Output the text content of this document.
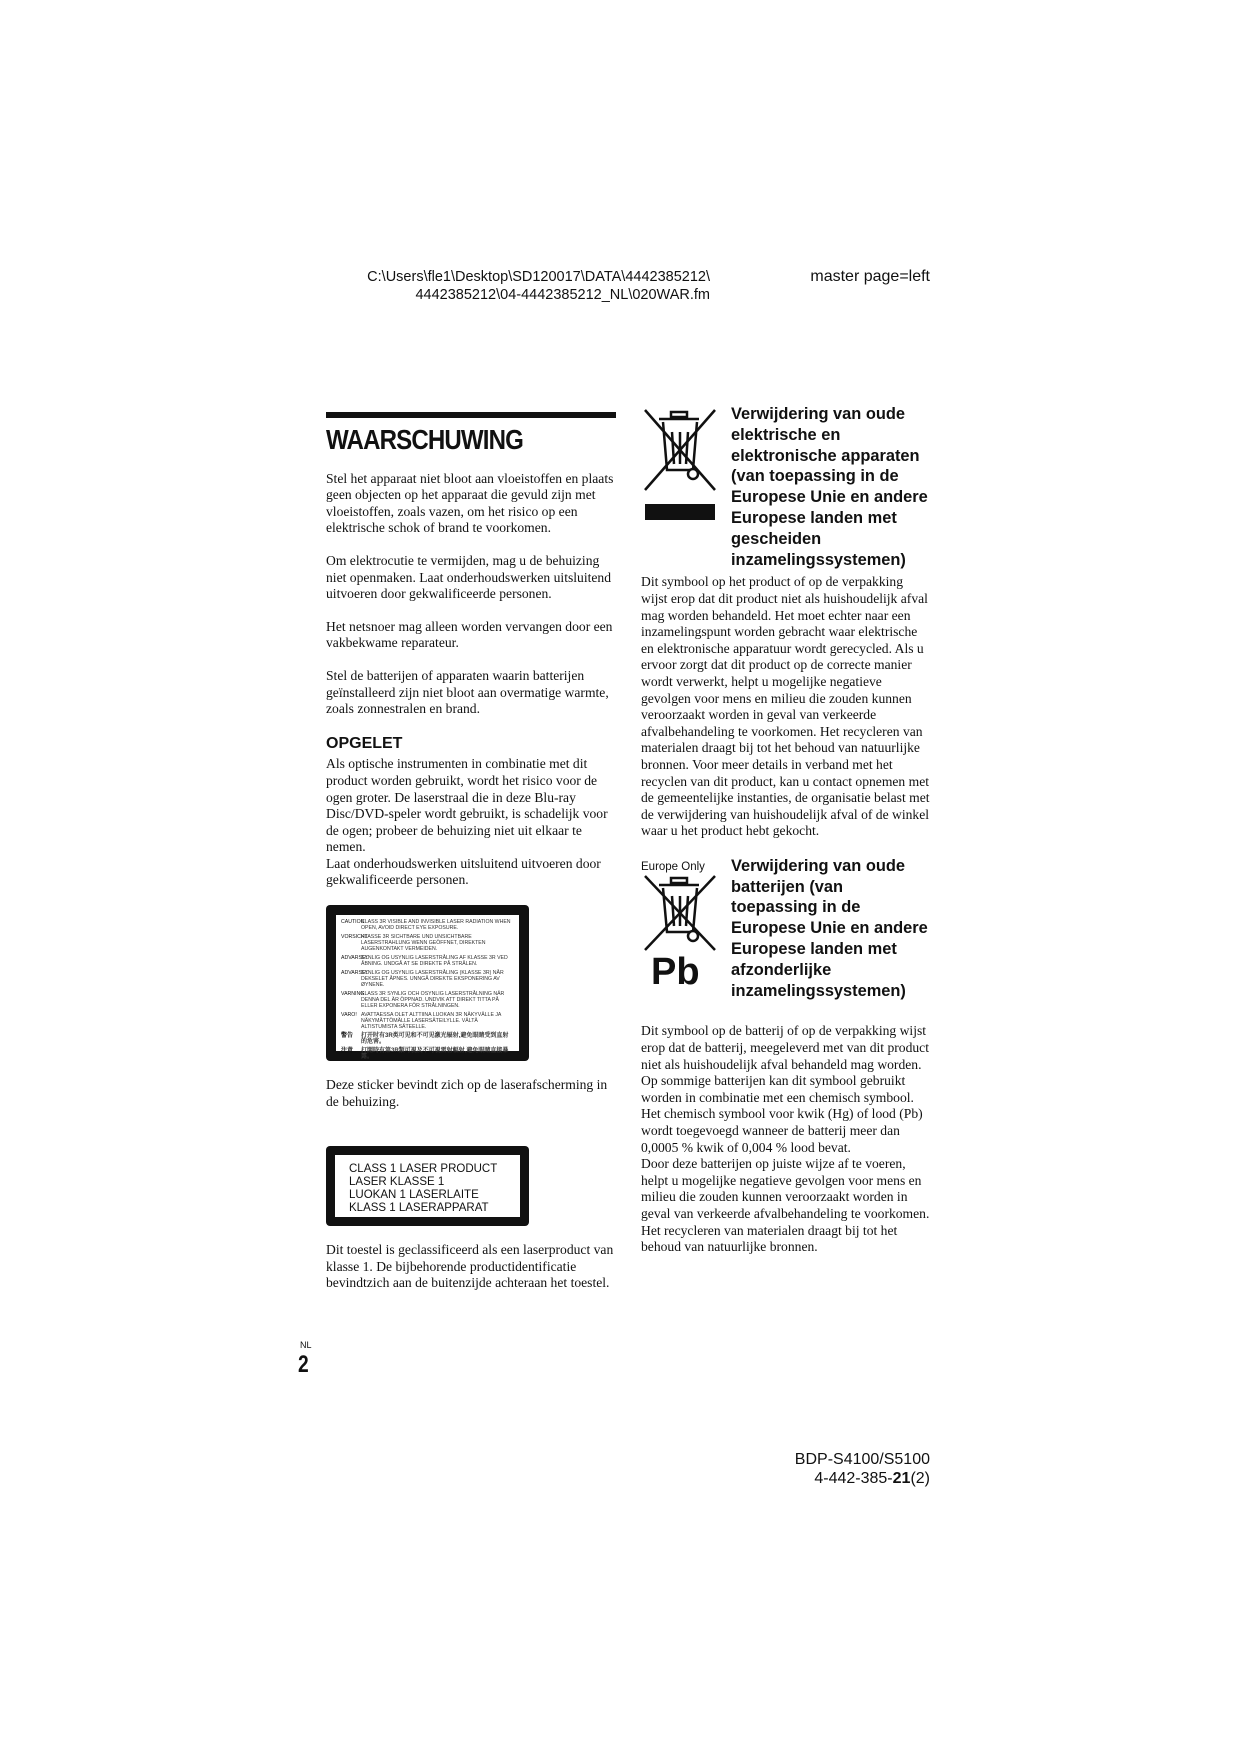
C:\Users\fle1\Desktop\SD120017\DATA\4442385212\
4442385212\04-4442385212_NL\020WAR.fm
master page=left
WAARSCHUWING

Stel het apparaat niet bloot aan vloeistoffen en plaats geen objecten op het apparaat die gevuld zijn met vloeistoffen, zoals vazen, om het risico op een elektrische schok of brand te voorkomen.

Om elektrocutie te vermijden, mag u de behuizing niet openmaken. Laat onderhoudswerken uitsluitend uitvoeren door gekwalificeerde personen.

Het netsnoer mag alleen worden vervangen door een vakbekwame reparateur.

Stel de batterijen of apparaten waarin batterijen geïnstalleerd zijn niet bloot aan overmatige warmte, zoals zonnestralen en brand.

OPGELET

Als optische instrumenten in combinatie met dit product worden gebruikt, wordt het risico voor de ogen groter. De laserstraal die in deze Blu-ray Disc/DVD-speler wordt gebruikt, is schadelijk voor de ogen; probeer de behuizing niet uit elkaar te nemen.

Laat onderhoudswerken uitsluitend uitvoeren door gekwalificeerde personen.

CAUTION
CLASS 3R VISIBLE AND INVISIBLE LASER RADIATION WHEN OPEN, AVOID DIRECT EYE EXPOSURE.
VORSICHT
KLASSE 3R SICHTBARE UND UNSICHTBARE LASERSTRAHLUNG WENN GEÖFFNET, DIREKTEN AUGENKONTAKT VERMEIDEN.
ADVARSEL
SYNLIG OG USYNLIG LASERSTRÅLING AF KLASSE 3R VED ÅBNING. UNDGÅ AT SE DIREKTE PÅ STRÅLEN.
ADVARSEL
SYNLIG OG USYNLIG LASERSTRÅLING (KLASSE 3R) NÅR DEKSELET ÅPNES. UNNGÅ DIREKTE EKSPONERING AV ØYNENE.
VARNING
KLASS 3R SYNLIG OCH OSYNLIG LASERSTRÅLNING NÄR DENNA DEL ÄR ÖPPNAD. UNDVIK ATT DIREKT TITTA PÅ ELLER EXPONERA FÖR STRÅLNINGEN.
VARO! AVATTAESSA OLET ALTTIINA LUOKAN 3R NÄKYVÄLLE JA NÄKYMÄTTÖMÄLLE LASERSÄTEILYLLE. VÄLTÄ ALTISTUMISTA SÄTEELLE.
警告	打开时有3R类可见和不可见激光辐射,避免眼睛受到直射的危害。
注意	打開時有第3R類可視及不可視雷射輻射,避免眼睛直接暴露。

Deze sticker bevindt zich op de laserafscherming in de behuizing.

CLASS 1 LASER PRODUCT
LASER KLASSE 1
LUOKAN 1 LASERLAITE
KLASS 1 LASERAPPARAT

Dit toestel is geclassificeerd als een laserproduct van klasse 1. De bijbehorende productidentificatie bevindtzich aan de buitenzijde achteraan het toestel.

Verwijdering van oude elektrische en elektronische apparaten (van toepassing in de Europese Unie en andere Europese landen met gescheiden inzamelingssystemen)

Dit symbool op het product of op de verpakking wijst erop dat dit product niet als huishoudelijk afval mag worden behandeld. Het moet echter naar een inzamelingspunt worden gebracht waar elektrische en elektronische apparatuur wordt gerecycled. Als u ervoor zorgt dat dit product op de correcte manier wordt verwerkt, helpt u mogelijke negatieve gevolgen voor mens en milieu die zouden kunnen veroorzaakt worden in geval van verkeerde afvalbehandeling te voorkomen. Het recycleren van materialen draagt bij tot het behoud van natuurlijke bronnen. Voor meer details in verband met het recyclen van dit product, kan u contact opnemen met de gemeentelijke instanties, de organisatie belast met de verwijdering van huishoudelijk afval of de winkel waar u het product hebt gekocht.

Europe Only
Pb
Verwijdering van oude batterijen (van toepassing in de Europese Unie en andere Europese landen met afzonderlijke inzamelingssystemen)

Dit symbool op de batterij of op de verpakking wijst erop dat de batterij, meegeleverd met van dit product niet als huishoudelijk afval behandeld mag worden.

Op sommige batterijen kan dit symbool gebruikt worden in combinatie met een chemisch symbool. Het chemisch symbool voor kwik (Hg) of lood (Pb) wordt toegevoegd wanneer de batterij meer dan 0,0005 % kwik of 0,004 % lood bevat.

Door deze batterijen op juiste wijze af te voeren, helpt u mogelijke negatieve gevolgen voor mens en milieu die zouden kunnen veroorzaakt worden in geval van verkeerde afvalbehandeling te voorkomen. Het recycleren van materialen draagt bij tot het behoud van natuurlijke bronnen.

NL
2
BDP-S4100/S5100
4-442-385-21(2)
